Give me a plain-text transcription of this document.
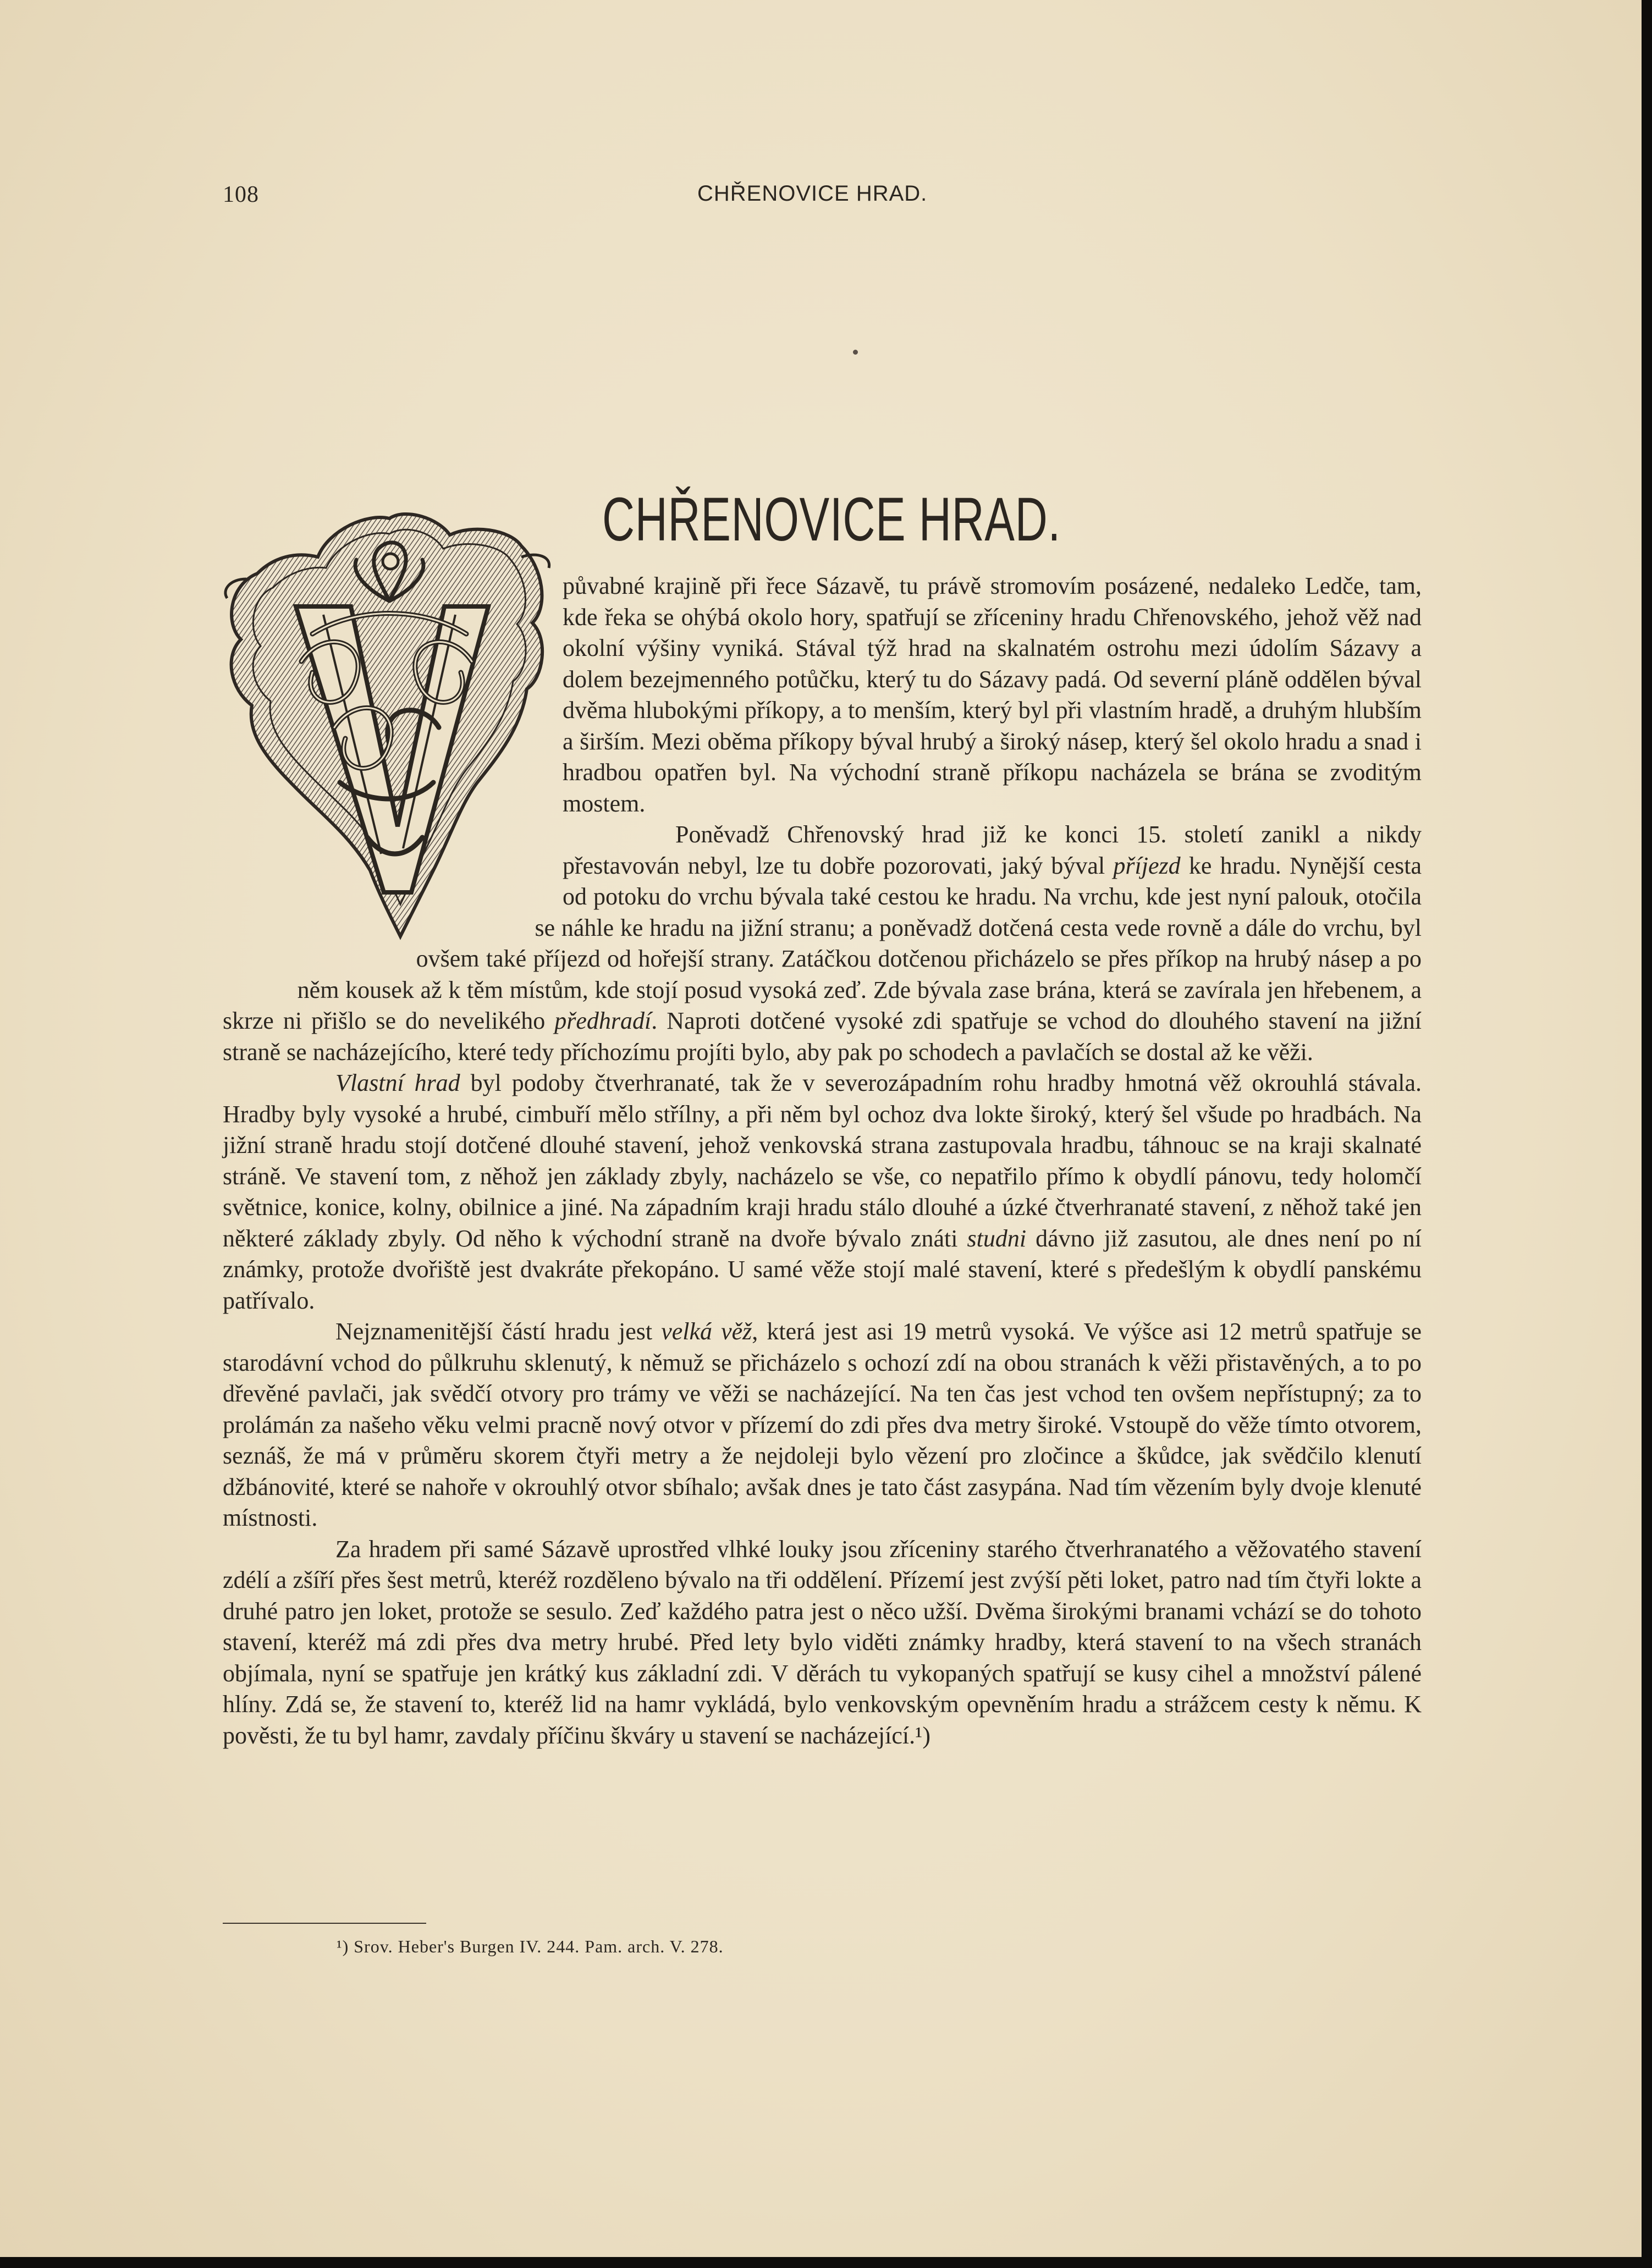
108	CHŘENOVICE HRAD.
CHŘENOVICE HRAD.

půvabné krajině při řece Sázavě, tu právě stromovím posázené, nedaleko Ledče, tam, kde řeka se ohýbá okolo hory, spatřují se zříceniny hradu Chřenovského, jehož věž nad okolní výšiny vyniká. Stával týž hrad na skalnatém ostrohu mezi údolím Sázavy a dolem bezejmenného potůčku, který tu do Sázavy padá. Od severní pláně oddělen býval dvěma hlubokými příkopy, a to menším, který byl při vlastním hradě, a druhým hlubším a širším. Mezi oběma příkopy býval hrubý a široký násep, který šel okolo hradu a snad i hradbou opatřen byl. Na východní straně příkopu nacházela se brána se zvoditým mostem.

Poněvadž Chřenovský hrad již ke konci 15. století zanikl a nikdy přestavován nebyl, lze tu dobře pozorovati, jaký býval příjezd ke hradu. Nynější cesta od potoku do vrchu bývala také cestou ke hradu. Na vrchu, kde jest nyní palouk, otočila se náhle ke hradu na jižní stranu; a poněvadž dotčená cesta vede rovně a dále do vrchu, byl ovšem také příjezd od hořejší strany. Zatáčkou dotčenou přicházelo se přes příkop na hrubý násep a po něm kousek až k těm místům, kde stojí posud vysoká zeď. Zde bývala zase brána, která se zavírala jen hřebenem, a skrze ni přišlo se do nevelikého předhradí. Naproti dotčené vysoké zdi spatřuje se vchod do dlouhého stavení na jižní straně se nacházejícího, které tedy příchozímu projíti bylo, aby pak po schodech a pavlačích se dostal až ke věži.

Vlastní hrad byl podoby čtverhranaté, tak že v severozápadním rohu hradby hmotná věž okrouhlá stávala. Hradby byly vysoké a hrubé, cimbuří mělo střílny, a při něm byl ochoz dva lokte široký, který šel všude po hradbách. Na jižní straně hradu stojí dotčené dlouhé stavení, jehož venkovská strana zastupovala hradbu, táhnouc se na kraji skalnaté stráně. Ve stavení tom, z něhož jen základy zbyly, nacházelo se vše, co nepatřilo přímo k obydlí pánovu, tedy holomčí světnice, konice, kolny, obilnice a jiné. Na západním kraji hradu stálo dlouhé a úzké čtverhranaté stavení, z něhož také jen některé základy zbyly. Od něho k východní straně na dvoře bývalo znáti studni dávno již zasutou, ale dnes není po ní známky, protože dvořiště jest dvakráte překopáno. U samé věže stojí malé stavení, které s předešlým k obydlí panskému patřívalo.

Nejznamenitější částí hradu jest velká věž, která jest asi 19 metrů vysoká. Ve výšce asi 12 metrů spatřuje se starodávní vchod do půlkruhu sklenutý, k němuž se přicházelo s ochozí zdí na obou stranách k věži přistavěných, a to po dřevěné pavlači, jak svědčí otvory pro trámy ve věži se nacházející. Na ten čas jest vchod ten ovšem nepřístupný; za to prolámán za našeho věku velmi pracně nový otvor v přízemí do zdi přes dva metry široké. Vstoupě do věže tímto otvorem, seznáš, že má v průměru skorem čtyři metry a že nejdoleji bylo vězení pro zločince a škůdce, jak svědčilo klenutí džbánovité, které se nahoře v okrouhlý otvor sbíhalo; avšak dnes je tato část zasypána. Nad tím vězením byly dvoje klenuté místnosti.

Za hradem při samé Sázavě uprostřed vlhké louky jsou zříceniny starého čtverhranatého a věžovatého stavení zdélí a zšíří přes šest metrů, kteréž rozděleno bývalo na tři oddělení. Přízemí jest zvýší pěti loket, patro nad tím čtyři lokte a druhé patro jen loket, protože se sesulo. Zeď každého patra jest o něco užší. Dvěma širokými branami vchází se do tohoto stavení, kteréž má zdi přes dva metry hrubé. Před lety bylo viděti známky hradby, která stavení to na všech stranách objímala, nyní se spatřuje jen krátký kus základní zdi. V děrách tu vykopaných spatřují se kusy cihel a množství pálené hlíny. Zdá se, že stavení to, kteréž lid na hamr vykládá, bylo venkovským opevněním hradu a strážcem cesty k němu. K pověsti, že tu byl hamr, zavdaly příčinu škváry u stavení se nacházející.¹)

¹) Srov. Heber's Burgen IV. 244. Pam. arch. V. 278.
